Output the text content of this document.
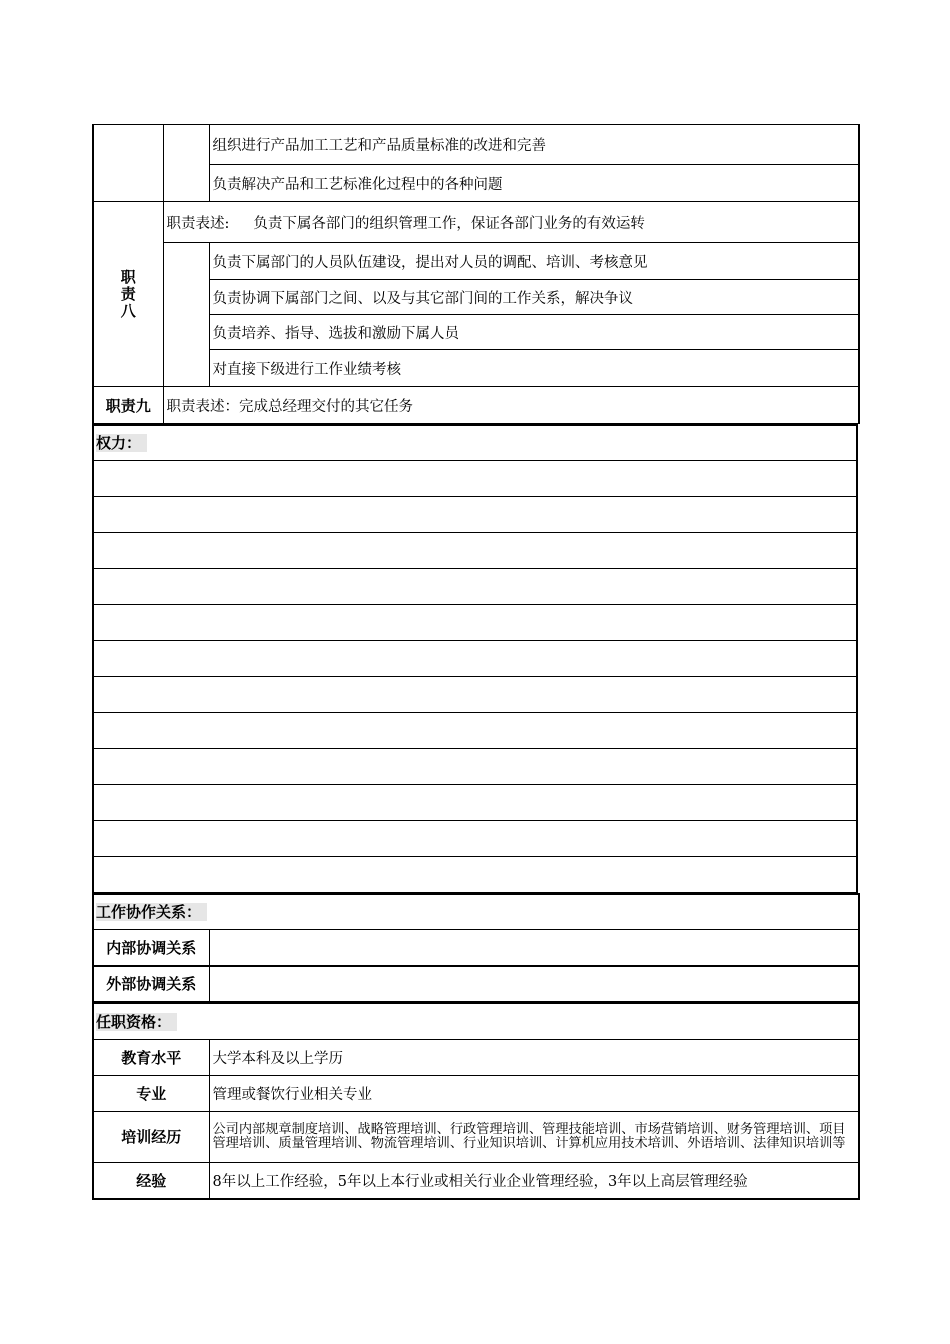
		组织进行产品加工工艺和产品质量标准的改进和完善
		负责解决产品和工艺标准化过程中的各种问题
职
责
八	职责表述: 负责下属各部门的组织管理工作，保证各部门业务的有效运转	
		负责下属部门的人员队伍建设，提出对人员的调配、培训、考核意见
		负责协调下属部门之间、以及与其它部门间的工作关系，解决争议
		负责培养、指导、选拔和激励下属人员
		对直接下级进行工作业绩考核
职责九	职责表述：完成总经理交付的其它任务	
权力：

工作协作关系：	
内部协调关系	
外部协调关系	
任职资格：	
教育水平	大学本科及以上学历
专业	管理或餐饮行业相关专业
培训经历	公司内部规章制度培训、战略管理培训、行政管理培训、管理技能培训、市场营销培训、财务管理培训、项目管理培训、质量管理培训、物流管理培训、行业知识培训、计算机应用技术培训、外语培训、法律知识培训等
经验	8年以上工作经验，5年以上本行业或相关行业企业管理经验，3年以上高层管理经验
